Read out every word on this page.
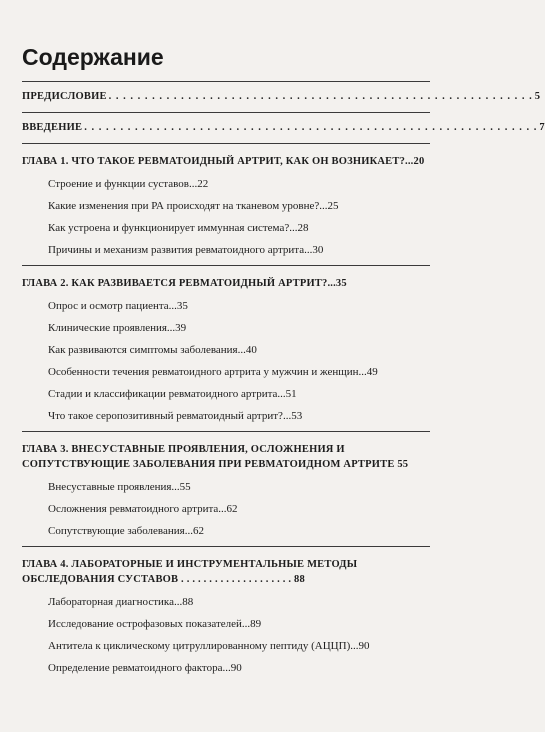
Содержание
ПРЕДИСЛОВИЕ . . . . . . . . . . . . . . . . . . . . . . . . . . . . . . . . . . . . . . . . . . . . . . . . . . . . . . . . . . . 5
ВВЕДЕНИЕ . . . . . . . . . . . . . . . . . . . . . . . . . . . . . . . . . . . . . . . . . . . . . . . . . . . . . . . . . . . . . . . 7
ГЛАВА 1. ЧТО ТАКОЕ РЕВМАТОИДНЫЙ АРТРИТ, КАК ОН ВОЗНИКАЕТ?...20
Строение и функции суставов...22
Какие изменения при РА происходят на тканевом уровне?...25
Как устроена и функционирует иммунная система?...28
Причины и механизм развития ревматоидного артрита...30
ГЛАВА 2. КАК РАЗВИВАЕТСЯ РЕВМАТОИДНЫЙ АРТРИТ?...35
Опрос и осмотр пациента...35
Клинические проявления...39
Как развиваются симптомы заболевания...40
Особенности течения ревматоидного артрита у мужчин и женщин...49
Стадии и классификации ревматоидного артрита...51
Что такое серопозитивный ревматоидный артрит?...53
ГЛАВА 3. ВНЕСУСТАВНЫЕ ПРОЯВЛЕНИЯ, ОСЛОЖНЕНИЯ И СОПУТСТВУЮЩИЕ ЗАБОЛЕВАНИЯ ПРИ РЕВМАТОИДНОМ АРТРИТЕ 55
Внесуставные проявления...55
Осложнения ревматоидного артрита...62
Сопутствующие заболевания...62
ГЛАВА 4. ЛАБОРАТОРНЫЕ И ИНСТРУМЕНТАЛЬНЫЕ МЕТОДЫ ОБСЛЕДОВАНИЯ СУСТАВОВ . . . . . . . . . . . . . . . . . . . . 88
Лабораторная диагностика...88
Исследование острофазовых показателей...89
Антитела к циклическому цитруллированному пептиду (АЦЦП)...90
Определение ревматоидного фактора...90
